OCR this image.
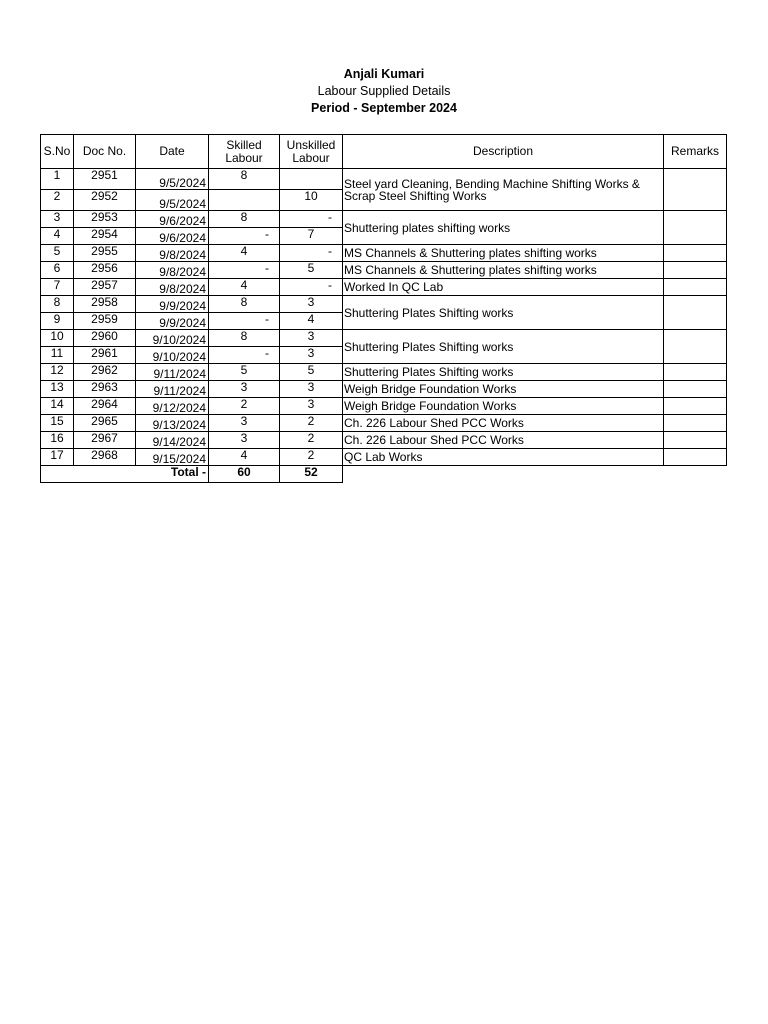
Anjali Kumari
Labour Supplied Details
Period - September 2024
S.No	Doc No.	Date	Skilled Labour	Unskilled Labour	Description	Remarks
1	2951	9/5/2024	8		Steel yard Cleaning, Bending Machine Shifting Works & Scrap Steel Shifting Works	
2	2952	9/5/2024		10		
3	2953	9/6/2024	8	-	Shuttering plates shifting works	
4	2954	9/6/2024	-	7		
5	2955	9/8/2024	4	-	MS Channels & Shuttering plates shifting works	
6	2956	9/8/2024	-	5	MS Channels & Shuttering plates shifting works	
7	2957	9/8/2024	4	-	Worked In QC Lab	
8	2958	9/9/2024	8	3	Shuttering Plates Shifting works	
9	2959	9/9/2024	-	4		
10	2960	9/10/2024	8	3	Shuttering Plates Shifting works	
11	2961	9/10/2024	-	3		
12	2962	9/11/2024	5	5	Shuttering Plates Shifting works	
13	2963	9/11/2024	3	3	Weigh Bridge Foundation Works	
14	2964	9/12/2024	2	3	Weigh Bridge Foundation Works	
15	2965	9/13/2024	3	2	Ch. 226 Labour Shed PCC Works	
16	2967	9/14/2024	3	2	Ch. 226 Labour Shed PCC Works	
17	2968	9/15/2024	4	2	QC Lab Works	
Total -			60	52		
